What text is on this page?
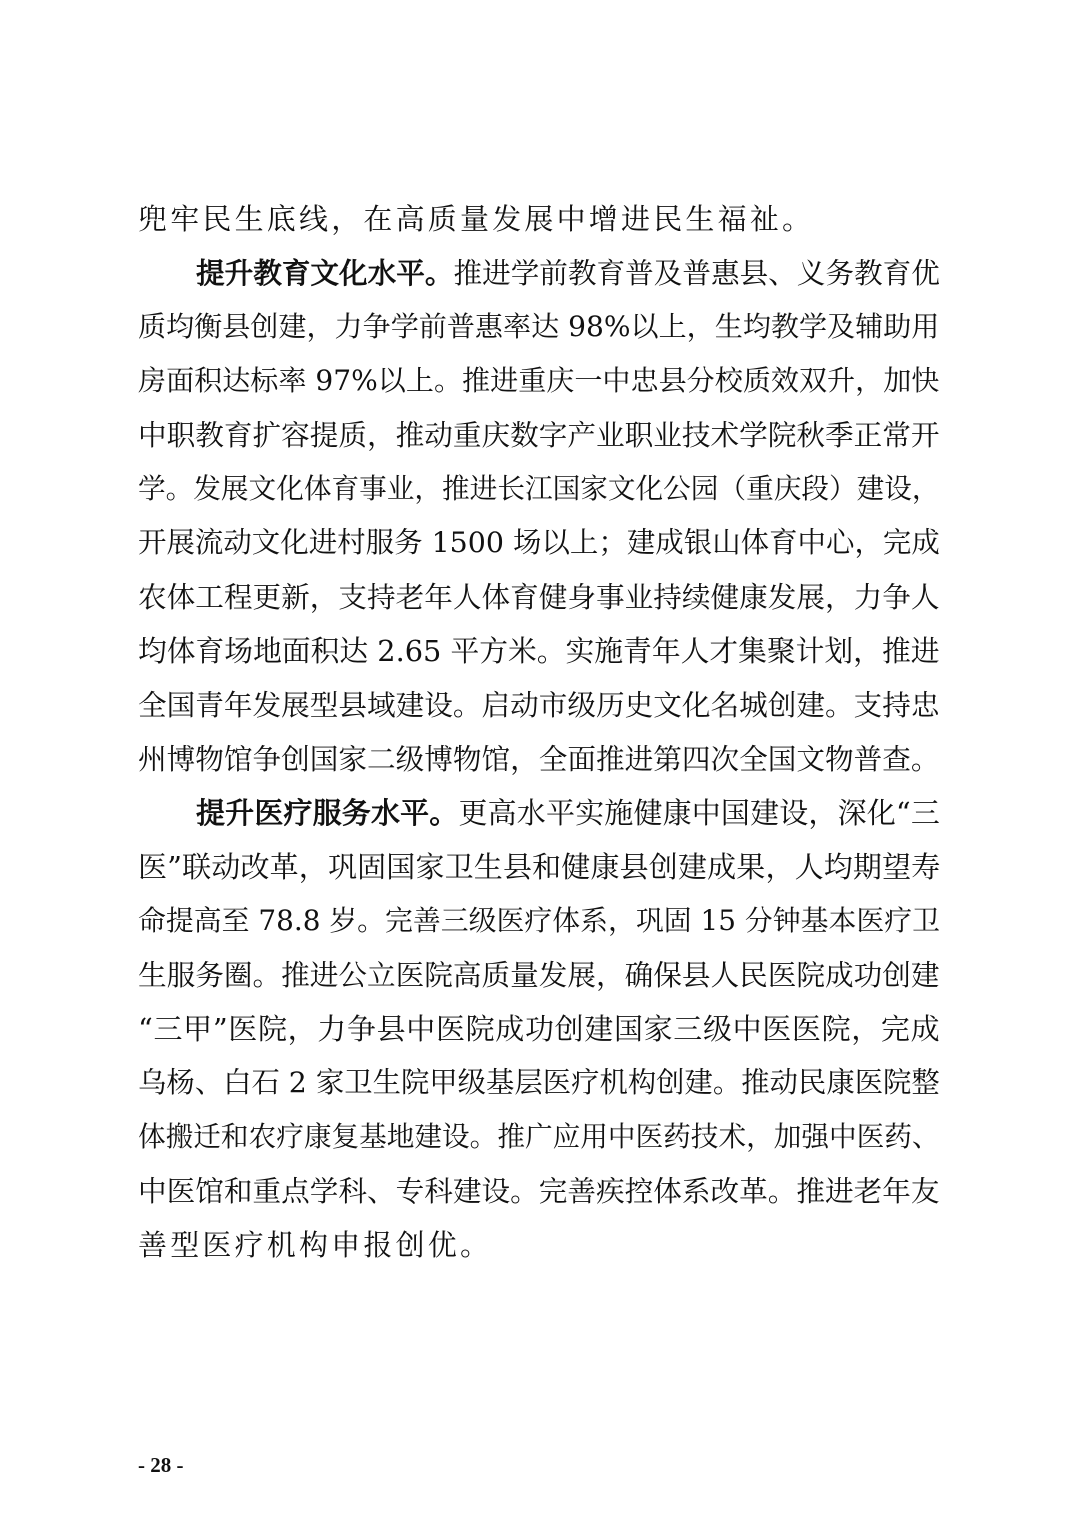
兜牢民生底线，在高质量发展中增进民生福祉。
提升教育文化水平。推进学前教育普及普惠县、义务教育优
质均衡县创建，力争学前普惠率达 98%以上，生均教学及辅助用
房面积达标率 97%以上。推进重庆一中忠县分校质效双升，加快
中职教育扩容提质，推动重庆数字产业职业技术学院秋季正常开
学。发展文化体育事业，推进长江国家文化公园（重庆段）建设，
开展流动文化进村服务 1500 场以上；建成银山体育中心，完成
农体工程更新，支持老年人体育健身事业持续健康发展，力争人
均体育场地面积达 2.65 平方米。实施青年人才集聚计划，推进
全国青年发展型县域建设。启动市级历史文化名城创建。支持忠
州博物馆争创国家二级博物馆，全面推进第四次全国文物普查。
提升医疗服务水平。更高水平实施健康中国建设，深化“三
医”联动改革，巩固国家卫生县和健康县创建成果，人均期望寿
命提高至 78.8 岁。完善三级医疗体系，巩固 15 分钟基本医疗卫
生服务圈。推进公立医院高质量发展，确保县人民医院成功创建
“三甲”医院，力争县中医院成功创建国家三级中医医院，完成
乌杨、白石 2 家卫生院甲级基层医疗机构创建。推动民康医院整
体搬迁和农疗康复基地建设。推广应用中医药技术，加强中医药、
中医馆和重点学科、专科建设。完善疾控体系改革。推进老年友
善型医疗机构申报创优。
- 28 -
